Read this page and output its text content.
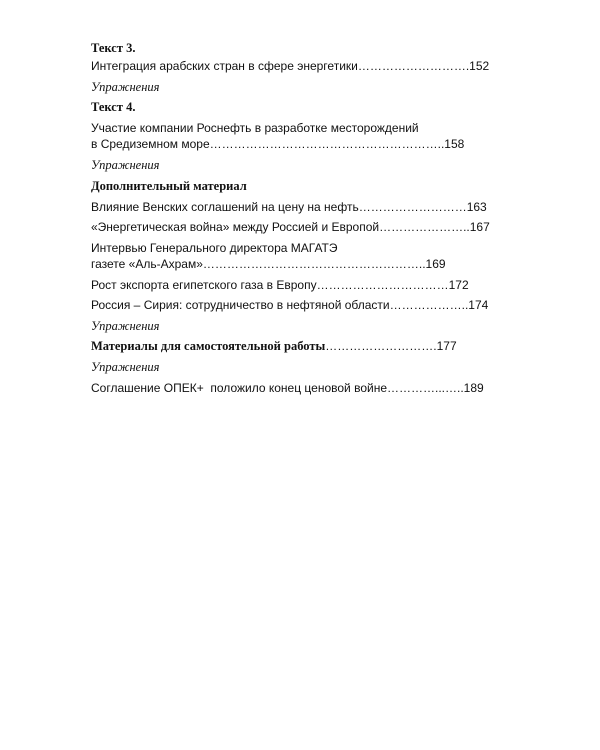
Текст 3.

Интеграция арабских стран в сфере энергетики……………………….152

Упражнения

Текст 4.

Участие компании Роснефть в разработке месторождений

в Средиземном море…………………………………………………..158

Упражнения

Дополнительный материал

Влияние Венских соглашений на цену на нефть………………………163

«Энергетическая война» между Россией и Европой…………………..167

Интервью Генерального директора МАГАТЭ

газете «Аль-Ахрам»………………………………………………..169

Рост экспорта египетского газа в Европу……………………………172

Россия – Сирия: сотрудничество в нефтяной области………………..174

Упражнения

Материалы для самостоятельной работы……………………….177

Упражнения

Соглашение ОПЕК+  положило конец ценовой войне…………...…..189
